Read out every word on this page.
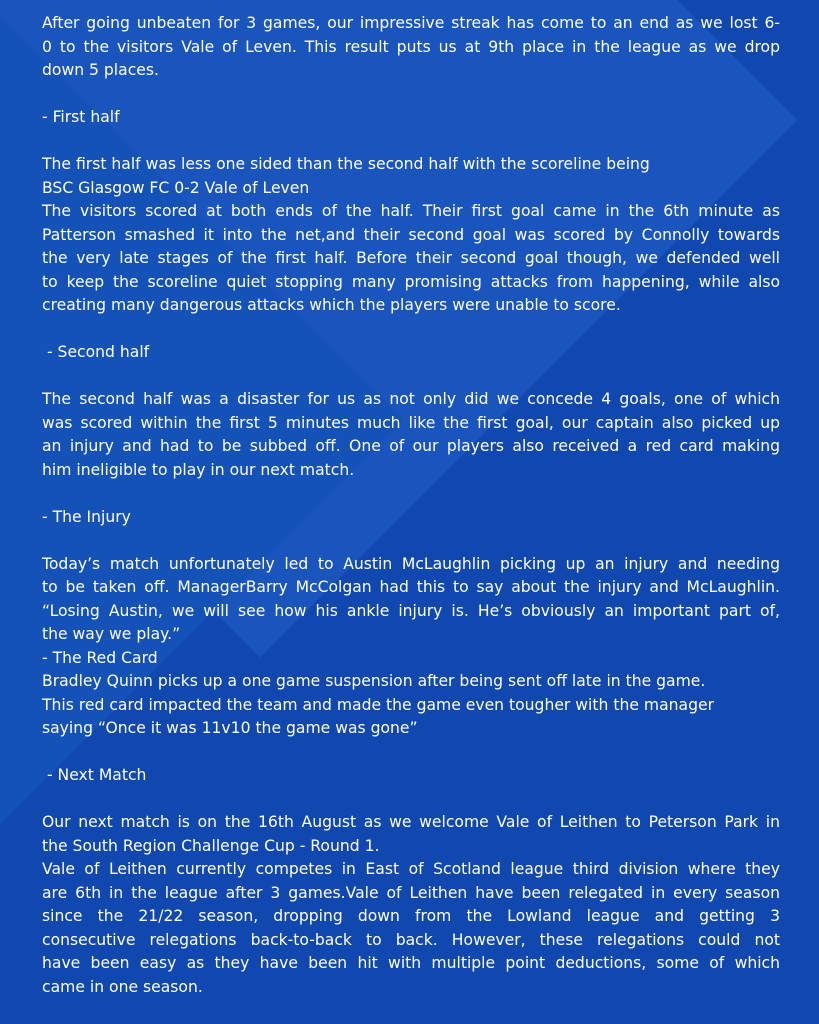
After going unbeaten for 3 games, our impressive streak has come to an end as we lost 6-
0 to the visitors Vale of Leven. This result puts us at 9th place in the league as we drop
down 5 places.
- First half
The first half was less one sided than the second half with the scoreline being
BSC Glasgow FC 0-2 Vale of Leven
The visitors scored at both ends of the half. Their first goal came in the 6th minute as
Patterson smashed it into the net,and their second goal was scored by Connolly towards
the very late stages of the first half. Before their second goal though, we defended well
to keep the scoreline quiet stopping many promising attacks from happening, while also
creating many dangerous attacks which the players were unable to score.
- Second half
The second half was a disaster for us as not only did we concede 4 goals, one of which
was scored within the first 5 minutes much like the first goal, our captain also picked up
an injury and had to be subbed off. One of our players also received a red card making
him ineligible to play in our next match.
- The Injury
Today’s match unfortunately led to Austin McLaughlin picking up an injury and needing
to be taken off. ManagerBarry McColgan had this to say about the injury and McLaughlin.
“Losing Austin, we will see how his ankle injury is. He’s obviously an important part of,
the way we play.”
- The Red Card
Bradley Quinn picks up a one game suspension after being sent off late in the game.
This red card impacted the team and made the game even tougher with the manager
saying “Once it was 11v10 the game was gone”
- Next Match
Our next match is on the 16th August as we welcome Vale of Leithen to Peterson Park in
the South Region Challenge Cup - Round 1.
Vale of Leithen currently competes in East of Scotland league third division where they
are 6th in the league after 3 games.Vale of Leithen have been relegated in every season
since the 21/22 season, dropping down from the Lowland league and getting 3
consecutive relegations back-to-back to back. However, these relegations could not
have been easy as they have been hit with multiple point deductions, some of which
came in one season.
